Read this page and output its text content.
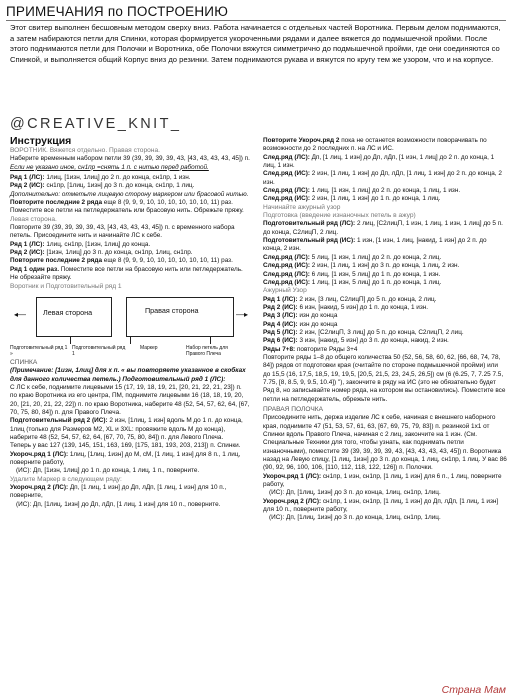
ПРИМЕЧАНИЯ по ПОСТРОЕНИЮ
Этот свитер выполнен бесшовным методом сверху вниз. Работа начинается с отдельных частей Воротника. Первым делом поднимаются, а затем набираются петли для Спинки, которая формируется укороченными рядами и далее вяжется до подмышечной пройми. После этого поднимаются петли для Полочки и Воротника, обе Полочки вяжутся симметрично до подмышечной пройми, где они соединяются со Спинкой, и выполняется общий Корпус вниз до резинки. Затем поднимаются рукава и вяжутся по кругу тем же узором, что и на корпусе.
@CREATIVE_KNIT_
Инструкция
ВОРОТНИК. Вяжется отдельно. Правая сторона.
Наберите временным набором петли 39 (39, 39, 39, 39, 43, [43, 43, 43, 43, 45]) п.
Если не указано иное, сн1пр =снять 1 п. с нитью перед работой.
Ряд 1 (ЛС): 1лиц, [1изн, 1лиц] до 2 п. до конца, сн1пр, 1 изн.
Ряд 2 (ИС): сн1пр, [1лиц, 1изн] до 3 п. до конца, сн1пр, 1 лиц.
Дополнительно: отметьте лицевую сторону маркером или брасовой нитью.
Повторите последние 2 ряда еще 8 (9, 9, 9, 10, 10, 10, 10, 10, 10, 11) раз. Поместите все петли на петледержатель или брасовую нить. Обрежьте пряжу.
Левая сторона.
Повторите 39 (39, 39, 39, 39, 43, [43, 43, 43, 43, 45]) п. с временного набора петель. Присоедините нить и начинайте ЛС к себе.
Ряд 1 (ЛС): 1лиц, сн1пр, [1изн, 1лиц] до конца.
Ряд 2 (ИС): [1изн, 1лиц] до 3 п. до конца, сн1пр, 1лиц, сн1пр.
Повторите последние 2 ряда еще 8 (9, 9, 9, 10, 10, 10, 10, 10, 10, 11) раз.
Ряд 1 один раз. Поместите все петли на брасовую нить или петледержатель. Не обрезайте пряжу.
Воротник и Подготовительный ряд 1
◂—	Левая сторона	Правая сторона	—▸
Подготовительный ряд 1 »
Подготовительный ряд 1
Маркер	Набор петель для Правого Плеча
СПИНКА
(Примечание: [1изн, 1лиц] для х п. « вы повторяете указанное в скобках для данного количества петель.) Подготовительный ряд 1 (ЛС):
С ЛС к себе, поднимите лицевыми 15 (17, 19, 18, 19, 21, [20, 21, 22, 21, 23]) п. по краю Воротника из его центра, ПМ, поднимите лицевыми 16 (18, 18, 19, 20, 20, [21, 20, 21, 22, 22]) п. по краю Воротника, наберите 48 (52, 54, 57, 62, 64, [67, 70, 75, 80, 84]) п. для Правого Плеча.
Подготовительный ряд 2 (ИС): 2 изн, [1лиц, 1 изн] вдоль М до 1 п. до конца, 1лиц (только для Размеров M2, XL и 3XL: провяжите вдоль М до конца), наберите 48 (52, 54, 57, 62, 64, [67, 70, 75, 80, 84]) п. для Левого Плеча.
Теперь у вас 127 (139, 145, 151, 163, 169, [175, 181, 193, 203, 213]) п. Спинки.
Укороч.ряд 1 (ЛС): 1лиц, [1лиц, 1изн] до М, сМ, [1 лиц, 1 изн] для 8 п., 1 лиц, поверните работу,
(ИС): Дп, [1изн, 1лиц] до 1 п. до конца, 1 лиц, 1 п., поверните.
Удалите Маркер в следующем ряду:
Укороч.ряд 2 (ЛС): Дп, [1 лиц, 1 изн] до Дп, лДп, [1 лиц, 1 изн] для 10 п., поверните,
(ИС): Дп, [1лиц, 1изн] до Дп, лДп, [1 лиц, 1 изн] для 10 п., поверните.
Повторите Укороч.ряд 2 пока не останется возможности поворачивать по возможности до 2 последних п. на ЛС и ИС.
След.ряд (ЛС): Дп, [1 лиц, 1 изн] до Дп, лДп, [1 изн, 1 лиц] до 2 п. до конца, 1 лиц, 1 изн.
След.ряд (ИС): 2 изн, [1 лиц, 1 изн] до Дп, лДп, [1 лиц, 1 изн] до 2 п. до конца, 2 изн.
След.ряд (ЛС): 1 лиц, [1 изн, 1 лиц] до 2 п. до конца, 1 лиц, 1 изн.
След.ряд (ИС): 2 изн, [1 лиц, 1 изн] до 1 п. до конца, 1 лиц.
Начинайте ажурный узор
Подготовка (введение изнаночных петель в ажур)
Подготовительный ряд (ЛС): 2 лиц, [С2лицП, 1 изн, 1 лиц, 1 изн, 1 лиц] до 5 п. до конца, С2лицП, 2 лиц.
Подготовительный ряд (ИС): 1 изн, [1 изн, 1 лиц, [накид, 1 изн] до 2 п. до конца, 2 изн.
След.ряд (ЛС): 5 лиц, [1 изн, 1 лиц] до 2 п. до конца, 2 лиц.
След.ряд (ИС): 2 изн, [1 лиц, 1 изн] до 3 п. до конца, 1 лиц, 2 изн.
След.ряд (ЛС): 6 лиц, [1 изн, 5 лиц] до 1 п. до конца, 1 изн.
След.ряд (ИС): 1 лиц, [1 изн, 5 лиц] до 1 п. до конца, 1 лиц.
Ажурный Узор
Ряд 1 (ЛС): 2 изн, [3 лиц, С2лицП] до 5 п. до конца, 2 лиц.
Ряд 2 (ИС): 6 изн, [накид, 5 изн] до 1 п. до конца, 1 изн.
Ряд 3 (ЛС): изн до конца
Ряд 4 (ИС): изн до конца
Ряд 5 (ЛС): 2 изн, [С2лицП, 3 лиц] до 5 п. до конца, С2лицП, 2 лиц.
Ряд 6 (ИС): 3 изн, [накид, 5 изн] до 3 п. до конца, накид, 2 изн.
Ряды 7+8: повторите Ряды 3+4
Повторите ряды 1–8 до общего количества 50 (52, 56, 58, 60, 62, [66, 68, 74, 78, 84]) рядов от подготовки края (считайте по стороне подмышечной пройми) или до 15,5 (16, 17,5, 18,5, 19, 19,5, [20,5, 21,5, 23, 24,5, 26,5]) см (6 (6.25, 7, 7.25 7.5, 7.75, [8, 8.5, 9, 9.5, 10.4]) "), закончите в ряду на ИС (это не обязательно будет Ряд 8, но записывайте номер ряда, на котором вы остановились). Поместите все петли на петледержатель, обрежьте нить.
ПРАВАЯ ПОЛОЧКА
Присоедините нить, держа изделие ЛС к себе, начиная с внешнего наборного края, поднимите 47 (51, 53, 57, 61, 63, [67, 69, 75, 79, 83]) п. резинкой 1х1 от Спинки вдоль Правого Плеча, начиная с 2 лиц, закончите на 1 изн. (См. Специальные Техники для того, чтобы узнать, как поднимать петли изнаночными), поместите 39 (39, 39, 39, 39, 43, [43, 43, 43, 43, 45]) п. Воротника назад на Левую спицу, [1 лиц, 1изн] до 3 п. до конца, 1 лиц, сн1пр, 1 лиц. У вас 86 (90, 92, 96, 100, 106, [110, 112, 118, 122, 126]) п. Полочки.
Укороч.ряд 1 (ЛС): сн1пр, 1 изн, сн1пр, [1 лиц, 1 изн] для 6 п., 1 лиц, поверните работу,
(ИС): Дп, [1лиц, 1изн] до 3 п. до конца, 1лиц, сн1пр, 1лиц.
Укороч.ряд 2 (ЛС): сн1пр, 1 изн, сн1пр, [1 лиц, 1 изн] до Дп, лДп, [1 лиц, 1 изн] для 10 п., поверните работу,
(ИС): Дп, [1лиц, 1изн] до 3 п. до конца, 1лиц, сн1пр, 1лиц.
Страна Мам
